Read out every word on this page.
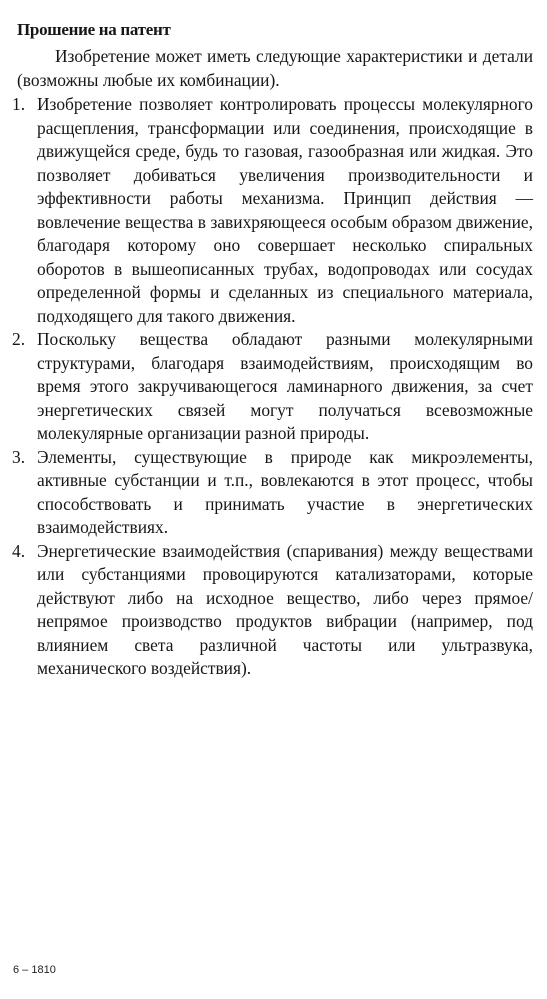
Прошение на патент
Изобретение может иметь следующие характеристики и детали (возможны любые их комбинации).
1. Изобретение позволяет контролировать процессы молекулярного расщепления, трансформации или соединения, происходящие в движущейся среде, будь то газовая, газообразная или жидкая. Это позволяет добиваться увеличения производительности и эффективности работы механизма. Принцип действия — вовлечение вещества в завихряющееся особым образом движение, благодаря которому оно совершает несколько спиральных оборотов в вышеописанных трубах, водопроводах или сосудах определенной формы и сделанных из специального материала, подходящего для такого движения.
2. Поскольку вещества обладают разными молекулярными структурами, благодаря взаимодействиям, происходящим во время этого закручивающегося ламинарного движения, за счет энергетических связей могут получаться всевозможные молекулярные организации разной природы.
3. Элементы, существующие в природе как микроэлементы, активные субстанции и т.п., вовлекаются в этот процесс, чтобы способствовать и принимать участие в энергетических взаимодействиях.
4. Энергетические взаимодействия (спаривания) между веществами или субстанциями провоцируются катализаторами, которые действуют либо на исходное вещество, либо через прямое/непрямое производство продуктов вибрации (например, под влиянием света различной частоты или ультразвука, механического воздействия).
6 – 1810
